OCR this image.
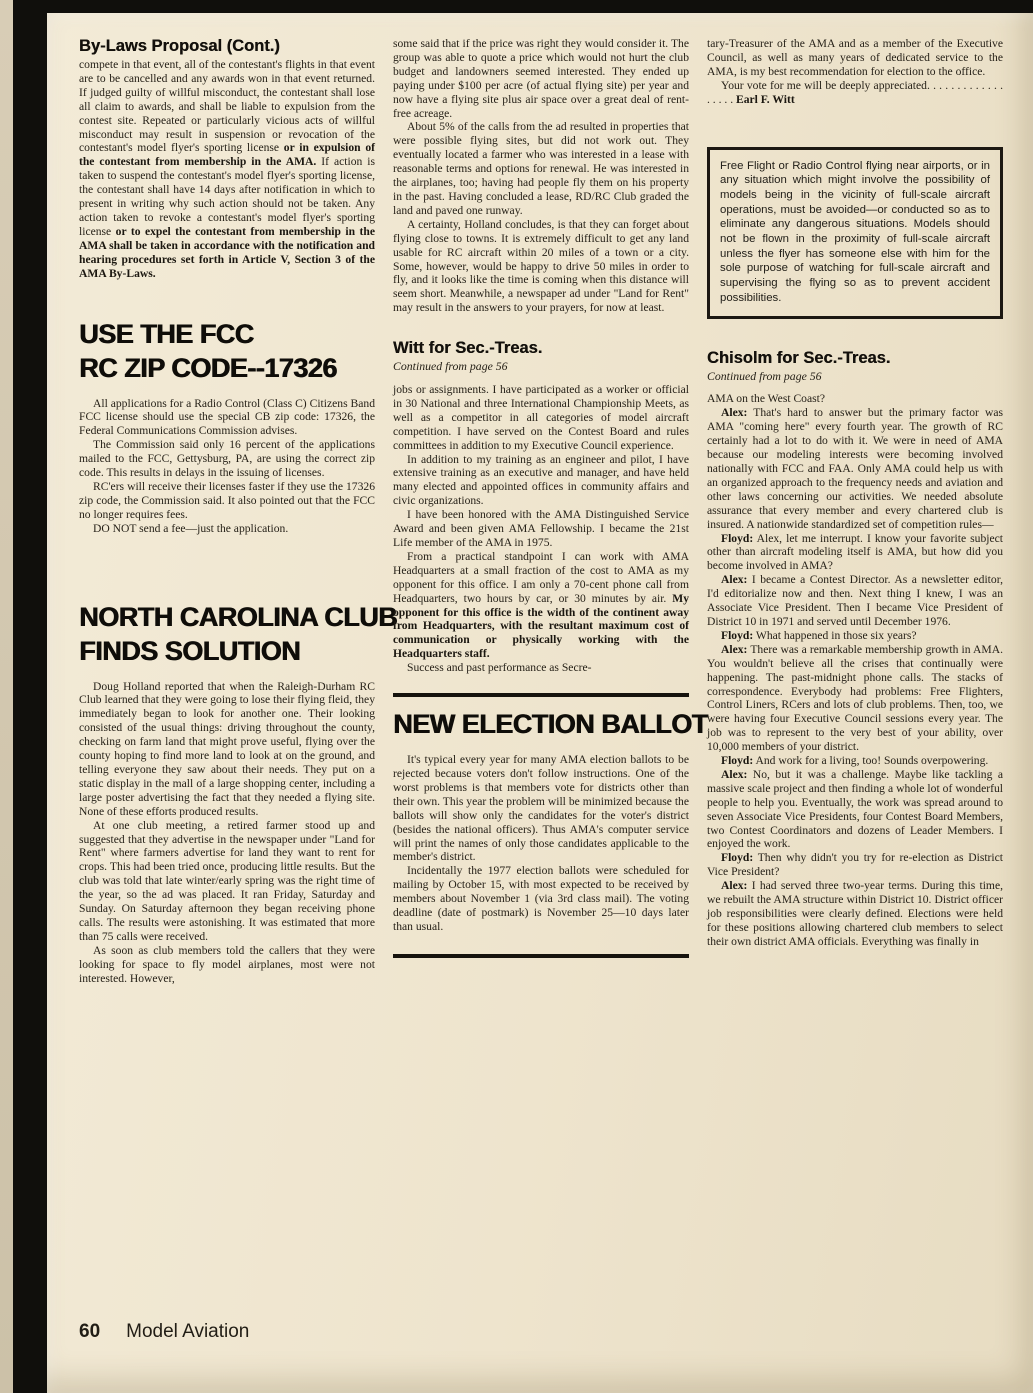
By-Laws Proposal (Cont.)

compete in that event, all of the contestant's flights in that event are to be cancelled and any awards won in that event returned. If judged guilty of willful misconduct, the contestant shall lose all claim to awards, and shall be liable to expulsion from the contest site. Repeated or particularly vicious acts of willful misconduct may result in suspension or revocation of the contestant's model flyer's sporting license or in expulsion of the contestant from membership in the AMA. If action is taken to suspend the contestant's model flyer's sporting license, the contestant shall have 14 days after notification in which to present in writing why such action should not be taken. Any action taken to revoke a contestant's model flyer's sporting license or to expel the contestant from membership in the AMA shall be taken in accordance with the notification and hearing procedures set forth in Article V, Section 3 of the AMA By-Laws.

USE THE FCC
RC ZIP CODE--17326

All applications for a Radio Control (Class C) Citizens Band FCC license should use the special CB zip code: 17326, the Federal Communications Commission advises.

The Commission said only 16 percent of the applications mailed to the FCC, Gettysburg, PA, are using the correct zip code. This results in delays in the issuing of licenses.

RC'ers will receive their licenses faster if they use the 17326 zip code, the Commission said. It also pointed out that the FCC no longer requires fees.

DO NOT send a fee—just the application.

NORTH CAROLINA CLUB
FINDS SOLUTION

Doug Holland reported that when the Raleigh-Durham RC Club learned that they were going to lose their flying fleid, they immediately began to look for another one. Their looking consisted of the usual things: driving throughout the county, checking on farm land that might prove useful, flying over the county hoping to find more land to look at on the ground, and telling everyone they saw about their needs. They put on a static display in the mall of a large shopping center, including a large poster advertising the fact that they needed a flying site. None of these efforts produced results.

At one club meeting, a retired farmer stood up and suggested that they advertise in the newspaper under "Land for Rent" where farmers advertise for land they want to rent for crops. This had been tried once, producing little results. But the club was told that late winter/early spring was the right time of the year, so the ad was placed. It ran Friday, Saturday and Sunday. On Saturday afternoon they began receiving phone calls. The results were astonishing. It was estimated that more than 75 calls were received.

As soon as club members told the callers that they were looking for space to fly model airplanes, most were not interested. However,

some said that if the price was right they would consider it. The group was able to quote a price which would not hurt the club budget and landowners seemed interested. They ended up paying under $100 per acre (of actual flying site) per year and now have a flying site plus air space over a great deal of rent-free acreage.

About 5% of the calls from the ad resulted in properties that were possible flying sites, but did not work out. They eventually located a farmer who was interested in a lease with reasonable terms and options for renewal. He was interested in the airplanes, too; having had people fly them on his property in the past. Having concluded a lease, RD/RC Club graded the land and paved one runway.

A certainty, Holland concludes, is that they can forget about flying close to towns. It is extremely difficult to get any land usable for RC aircraft within 20 miles of a town or a city. Some, however, would be happy to drive 50 miles in order to fly, and it looks like the time is coming when this distance will seem short. Meanwhile, a newspaper ad under "Land for Rent" may result in the answers to your prayers, for now at least.

Witt for Sec.-Treas.
Continued from page 56

jobs or assignments. I have participated as a worker or official in 30 National and three International Championship Meets, as well as a competitor in all categories of model aircraft competition. I have served on the Contest Board and rules committees in addition to my Executive Council experience.

In addition to my training as an engineer and pilot, I have extensive training as an executive and manager, and have held many elected and appointed offices in community affairs and civic organizations.

I have been honored with the AMA Distinguished Service Award and been given AMA Fellowship. I became the 21st Life member of the AMA in 1975.

From a practical standpoint I can work with AMA Headquarters at a small fraction of the cost to AMA as my opponent for this office. I am only a 70-cent phone call from Headquarters, two hours by car, or 30 minutes by air. My opponent for this office is the width of the continent away from Headquarters, with the resultant maximum cost of communication or physically working with the Headquarters staff.

Success and past performance as Secre-

NEW ELECTION BALLOT

It's typical every year for many AMA election ballots to be rejected because voters don't follow instructions. One of the worst problems is that members vote for districts other than their own. This year the problem will be minimized because the ballots will show only the candidates for the voter's district (besides the national officers). Thus AMA's computer service will print the names of only those candidates applicable to the member's district.

Incidentally the 1977 election ballots were scheduled for mailing by October 15, with most expected to be received by members about November 1 (via 3rd class mail). The voting deadline (date of postmark) is November 25—10 days later than usual.

tary-Treasurer of the AMA and as a member of the Executive Council, as well as many years of dedicated service to the AMA, is my best recommendation for election to the office.

Your vote for me will be deeply appreciated. . . . . . . . . . . . . . . . . . Earl F. Witt

Free Flight or Radio Control flying near airports, or in any situation which might involve the possibility of models being in the vicinity of full-scale aircraft operations, must be avoided—or conducted so as to eliminate any dangerous situations. Models should not be flown in the proximity of full-scale aircraft unless the flyer has someone else with him for the sole purpose of watching for full-scale aircraft and supervising the flying so as to prevent accident possibilities.
Chisolm for Sec.-Treas.
Continued from page 56

AMA on the West Coast?

Alex: That's hard to answer but the primary factor was AMA "coming here" every fourth year. The growth of RC certainly had a lot to do with it. We were in need of AMA because our modeling interests were becoming involved nationally with FCC and FAA. Only AMA could help us with an organized approach to the frequency needs and aviation and other laws concerning our activities. We needed absolute assurance that every member and every chartered club is insured. A nationwide standardized set of competition rules—

Floyd: Alex, let me interrupt. I know your favorite subject other than aircraft modeling itself is AMA, but how did you become involved in AMA?

Alex: I became a Contest Director. As a newsletter editor, I'd editorialize now and then. Next thing I knew, I was an Associate Vice President. Then I became Vice President of District 10 in 1971 and served until December 1976.

Floyd: What happened in those six years?

Alex: There was a remarkable membership growth in AMA. You wouldn't believe all the crises that continually were happening. The past-midnight phone calls. The stacks of correspondence. Everybody had problems: Free Flighters, Control Liners, RCers and lots of club problems. Then, too, we were having four Executive Council sessions every year. The job was to represent to the very best of your ability, over 10,000 members of your district.

Floyd: And work for a living, too! Sounds overpowering.

Alex: No, but it was a challenge. Maybe like tackling a massive scale project and then finding a whole lot of wonderful people to help you. Eventually, the work was spread around to seven Associate Vice Presidents, four Contest Board Members, two Contest Coordinators and dozens of Leader Members. I enjoyed the work.

Floyd: Then why didn't you try for re-election as District Vice President?

Alex: I had served three two-year terms. During this time, we rebuilt the AMA structure within District 10. District officer job responsibilities were clearly defined. Elections were held for these positions allowing chartered club members to select their own district AMA officials. Everything was finally in

60 Model Aviation
